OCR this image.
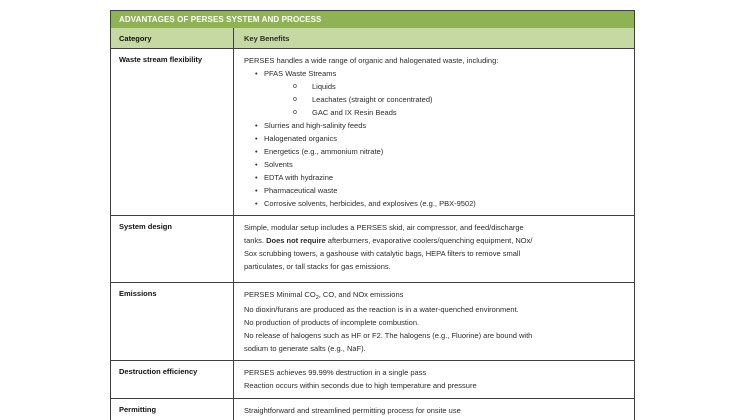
ADVANTAGES OF PERSES SYSTEM AND PROCESS
Category	Key Benefits
Waste stream flexibility	PERSES handles a wide range of organic and halogenated waste, including:
• PFAS Waste Streams
o Liquids
o Leachates (straight or concentrated)
o GAC and IX Resin Beads
• Slurries and high-salinity feeds
• Halogenated organics
• Energetics (e.g., ammonium nitrate)
• Solvents
• EDTA with hydrazine
• Pharmaceutical waste
• Corrosive solvents, herbicides, and explosives (e.g., PBX-9502)
System design	Simple, modular setup includes a PERSES skid, air compressor, and feed/discharge
tanks. Does not require afterburners, evaporative coolers/quenching equipment, NOx/
Sox scrubbing towers, a gashouse with catalytic bags, HEPA filters to remove small
particulates, or tall stacks for gas emissions.
Emissions	PERSES Minimal $CO_2$, CO, and NOx emissions
No dioxin/furans are produced as the reaction is in a water-quenched environment.
No production of products of incomplete combustion.
No release of halogens such as HF or F2. The halogens (e.g., Fluorine) are bound with
sodium to generate salts (e.g., NaF).
Destruction efficiency	PERSES achieves 99.99% destruction in a single pass
Reaction occurs within seconds due to high temperature and pressure
Permitting	Straightforward and streamlined permitting process for onsite use
